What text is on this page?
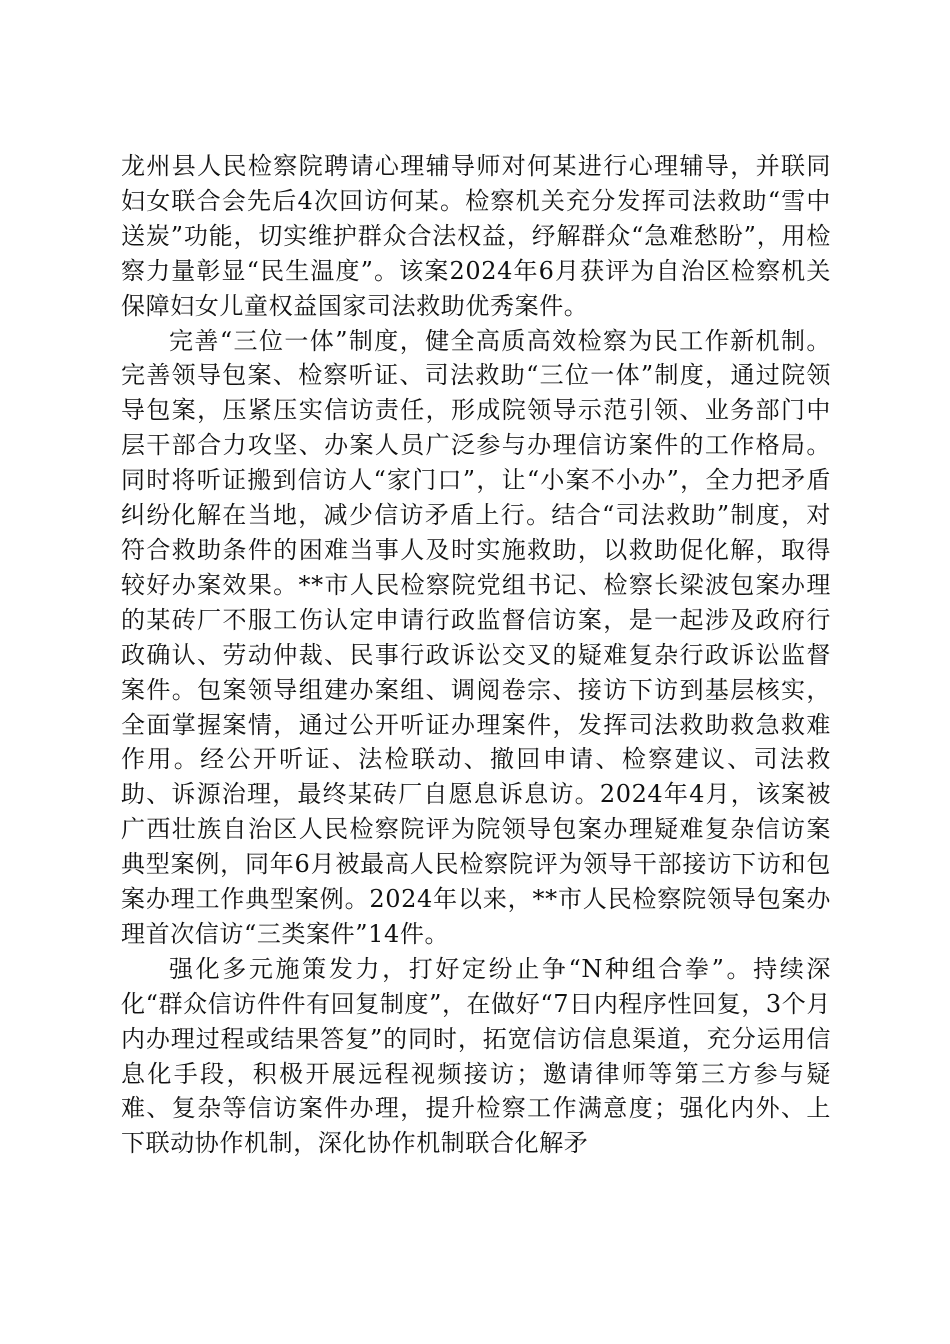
龙州县人民检察院聘请心理辅导师对何某进行心理辅导，并联同妇女联合会先后4次回访何某。检察机关充分发挥司法救助“雪中送炭”功能，切实维护群众合法权益，纾解群众“急难愁盼”，用检察力量彰显“民生温度”。该案2024年6月获评为自治区检察机关保障妇女儿童权益国家司法救助优秀案件。

完善“三位一体”制度，健全高质高效检察为民工作新机制。完善领导包案、检察听证、司法救助“三位一体”制度，通过院领导包案，压紧压实信访责任，形成院领导示范引领、业务部门中层干部合力攻坚、办案人员广泛参与办理信访案件的工作格局。同时将听证搬到信访人“家门口”，让“小案不小办”，全力把矛盾纠纷化解在当地，减少信访矛盾上行。结合“司法救助”制度，对符合救助条件的困难当事人及时实施救助，以救助促化解，取得较好办案效果。**市人民检察院党组书记、检察长梁波包案办理的某砖厂不服工伤认定申请行政监督信访案，是一起涉及政府行政确认、劳动仲裁、民事行政诉讼交叉的疑难复杂行政诉讼监督案件。包案领导组建办案组、调阅卷宗、接访下访到基层核实，全面掌握案情，通过公开听证办理案件，发挥司法救助救急救难作用。经公开听证、法检联动、撤回申请、检察建议、司法救助、诉源治理，最终某砖厂自愿息诉息访。2024年4月，该案被广西壮族自治区人民检察院评为院领导包案办理疑难复杂信访案典型案例，同年6月被最高人民检察院评为领导干部接访下访和包案办理工作典型案例。2024年以来，**市人民检察院领导包案办理首次信访“三类案件”14件。

强化多元施策发力，打好定纷止争“N种组合拳”。持续深化“群众信访件件有回复制度”，在做好“7日内程序性回复，3个月内办理过程或结果答复”的同时，拓宽信访信息渠道，充分运用信息化手段，积极开展远程视频接访；邀请律师等第三方参与疑难、复杂等信访案件办理，提升检察工作满意度；强化内外、上下联动协作机制，深化协作机制联合化解矛
